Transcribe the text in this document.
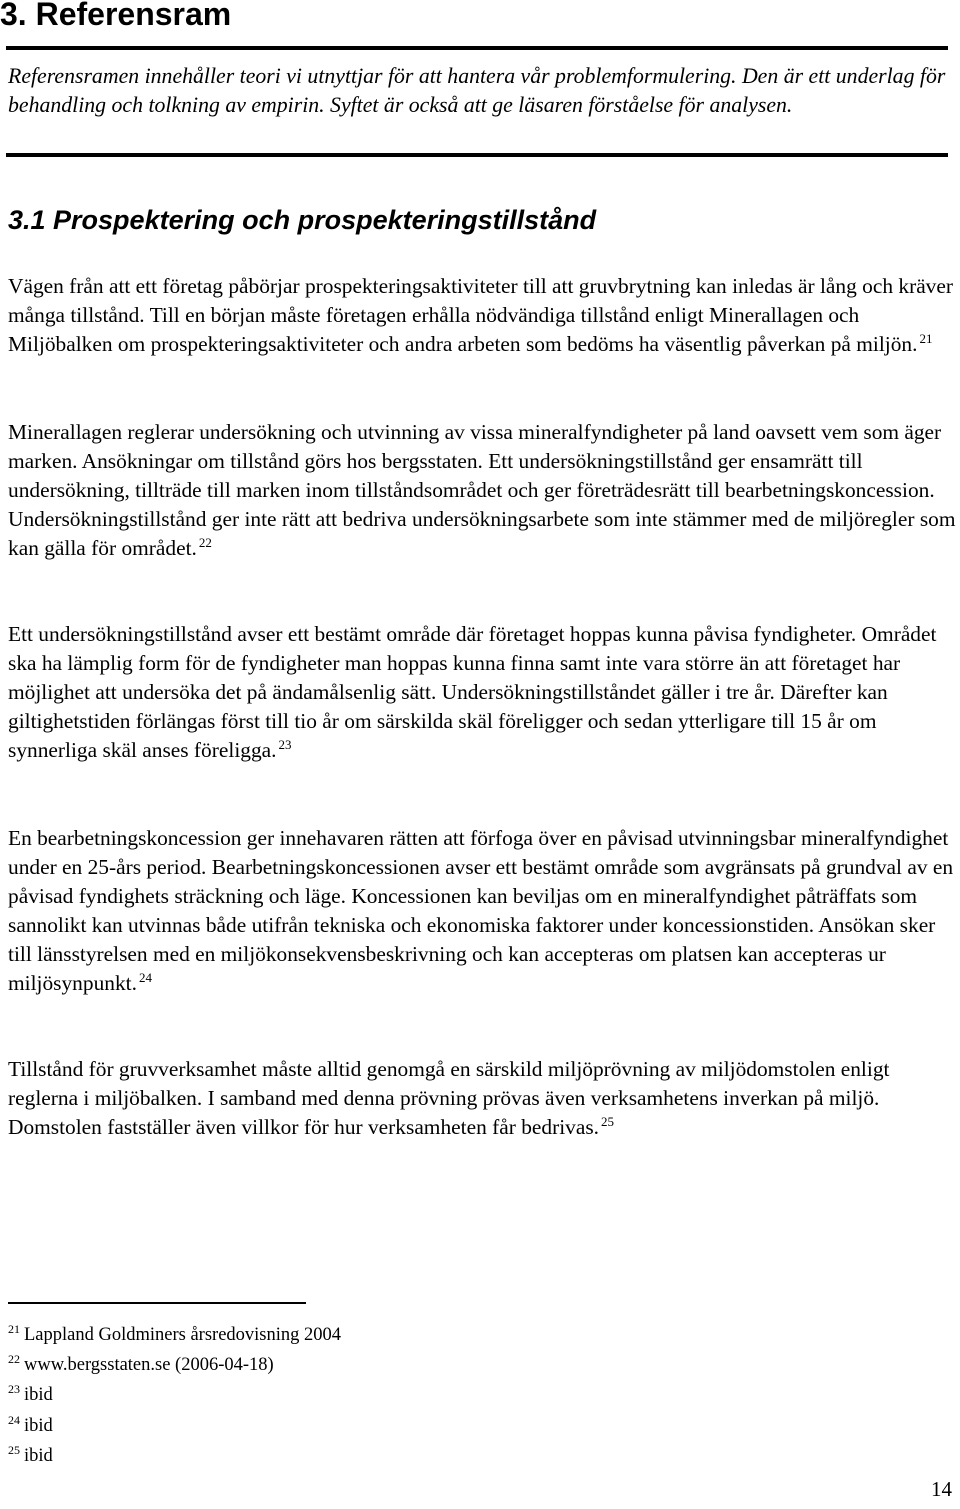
3. Referensram

Referensramen innehåller teori vi utnyttjar för att hantera vår problemformulering. Den är ett underlag för behandling och tolkning av empirin. Syftet är också att ge läsaren förståelse för analysen.

3.1 Prospektering och prospekteringstillstånd

Vägen från att ett företag påbörjar prospekteringsaktiviteter till att gruvbrytning kan inledas är lång och kräver många tillstånd. Till en början måste företagen erhålla nödvändiga tillstånd enligt Minerallagen och Miljöbalken om prospekteringsaktiviteter och andra arbeten som bedöms ha väsentlig påverkan på miljön. $^{21}$

Minerallagen reglerar undersökning och utvinning av vissa mineralfyndigheter på land oavsett vem som äger marken. Ansökningar om tillstånd görs hos bergsstaten. Ett undersökningstillstånd ger ensamrätt till undersökning, tillträde till marken inom tillståndsområdet och ger företrädesrätt till bearbetningskoncession. Undersökningstillstånd ger inte rätt att bedriva undersökningsarbete som inte stämmer med de miljöregler som kan gälla för området. $^{22}$

Ett undersökningstillstånd avser ett bestämt område där företaget hoppas kunna påvisa fyndigheter. Området ska ha lämplig form för de fyndigheter man hoppas kunna finna samt inte vara större än att företaget har möjlighet att undersöka det på ändamålsenlig sätt. Undersökningstillståndet gäller i tre år. Därefter kan giltighetstiden förlängas först till tio år om särskilda skäl föreligger och sedan ytterligare till 15 år om synnerliga skäl anses föreligga. $^{23}$

En bearbetningskoncession ger innehavaren rätten att förfoga över en påvisad utvinningsbar mineralfyndighet under en 25-års period. Bearbetningskoncessionen avser ett bestämt område som avgränsats på grundval av en påvisad fyndighets sträckning och läge. Koncessionen kan beviljas om en mineralfyndighet påträffats som sannolikt kan utvinnas både utifrån tekniska och ekonomiska faktorer under koncessionstiden. Ansökan sker till länsstyrelsen med en miljökonsekvensbeskrivning och kan accepteras om platsen kan accepteras ur miljösynpunkt. $^{24}$

Tillstånd för gruvverksamhet måste alltid genomgå en särskild miljöprövning av miljödomstolen enligt reglerna i miljöbalken. I samband med denna prövning prövas även verksamhetens inverkan på miljö. Domstolen fastställer även villkor för hur verksamheten får bedrivas. $^{25}$

$^{21}$ Lappland Goldminers årsredovisning 2004
$^{22}$ www.bergsstaten.se (2006-04-18)
$^{23}$ ibid
$^{24}$ ibid
$^{25}$ ibid
14
